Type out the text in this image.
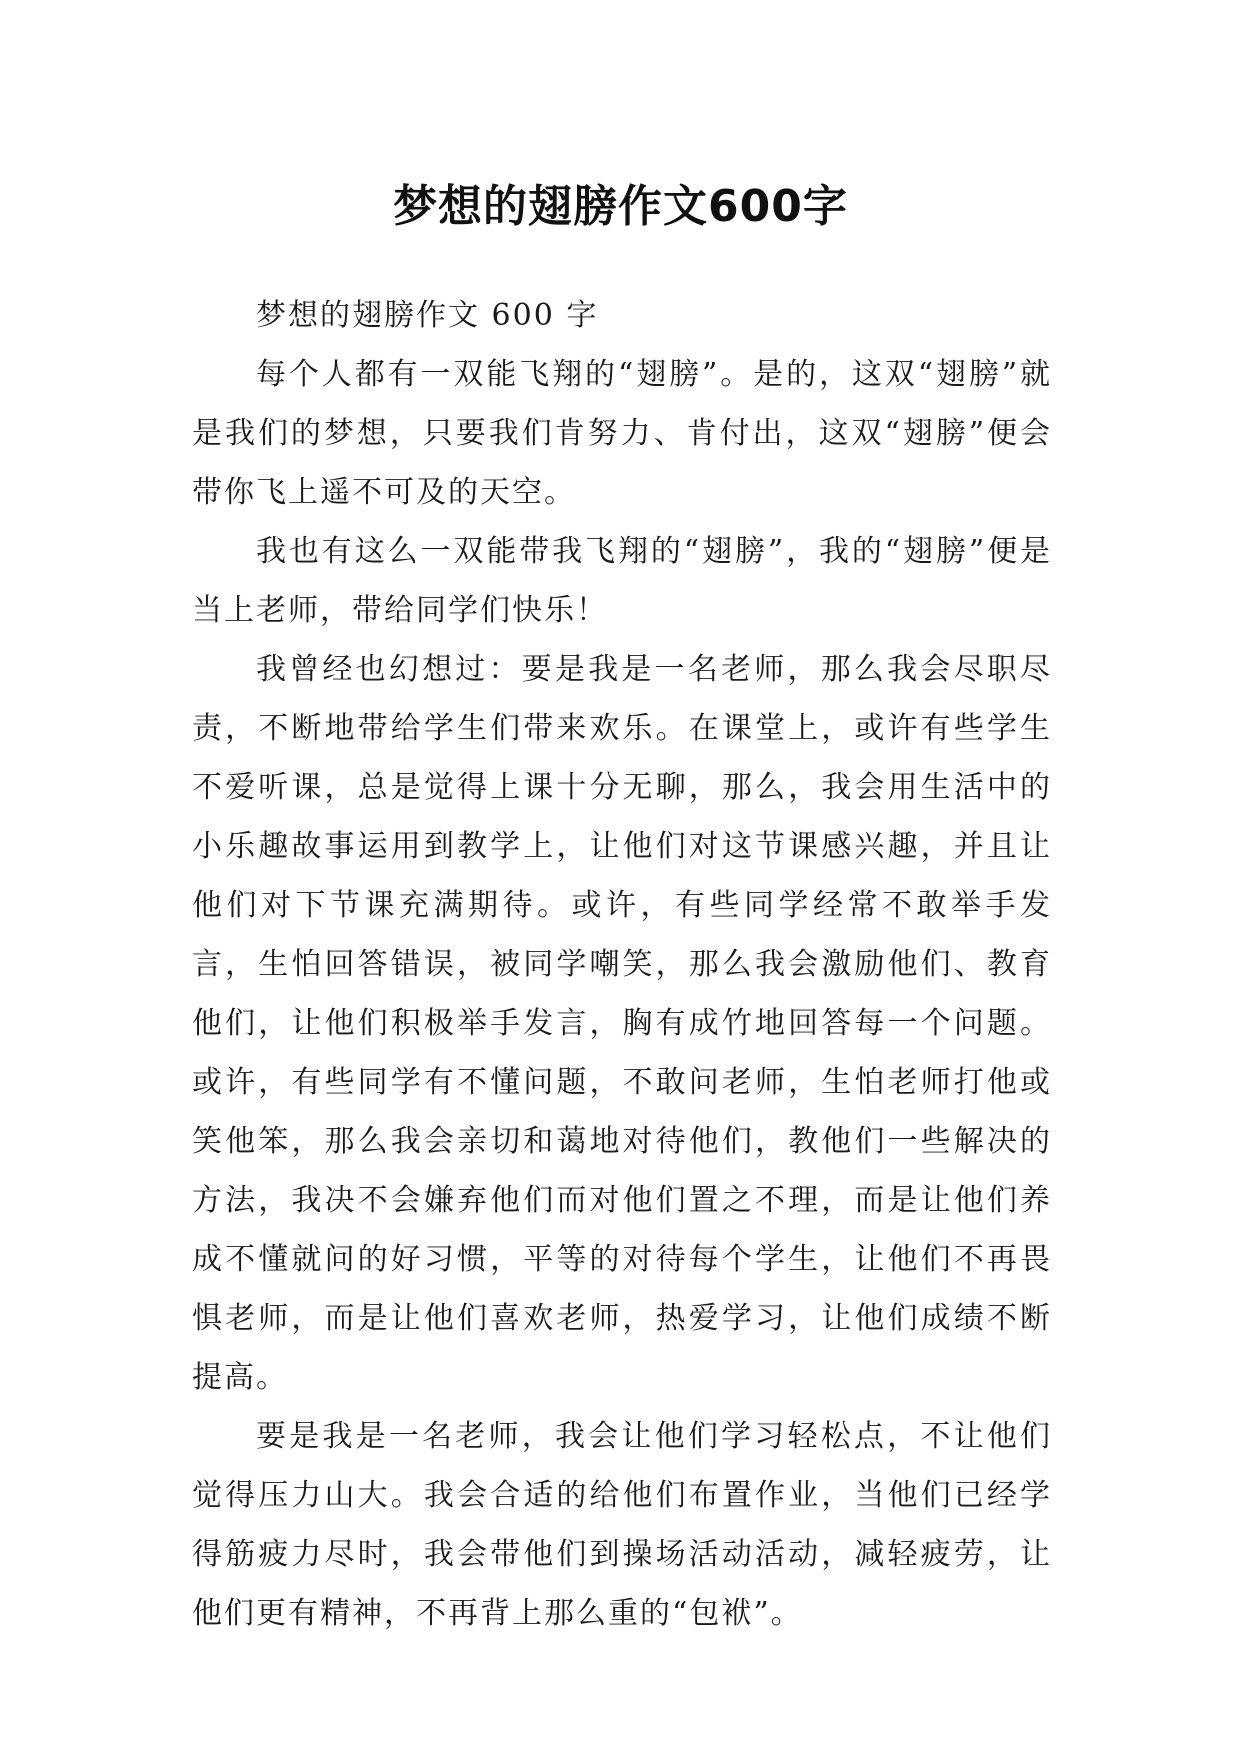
梦想的翅膀作文600字

梦想的翅膀作文 600 字

每个人都有一双能飞翔的“翅膀”。是的，这双“翅膀”就是我们的梦想，只要我们肯努力、肯付出，这双“翅膀”便会带你飞上遥不可及的天空。

我也有这么一双能带我飞翔的“翅膀”，我的“翅膀”便是当上老师，带给同学们快乐！

我曾经也幻想过：要是我是一名老师，那么我会尽职尽责，不断地带给学生们带来欢乐。在课堂上，或许有些学生不爱听课，总是觉得上课十分无聊，那么，我会用生活中的小乐趣故事运用到教学上，让他们对这节课感兴趣，并且让他们对下节课充满期待。或许，有些同学经常不敢举手发言，生怕回答错误，被同学嘲笑，那么我会激励他们、教育他们，让他们积极举手发言，胸有成竹地回答每一个问题。或许，有些同学有不懂问题，不敢问老师，生怕老师打他或笑他笨，那么我会亲切和蔼地对待他们，教他们一些解决的方法，我决不会嫌弃他们而对他们置之不理，而是让他们养成不懂就问的好习惯，平等的对待每个学生，让他们不再畏惧老师，而是让他们喜欢老师，热爱学习，让他们成绩不断提高。

要是我是一名老师，我会让他们学习轻松点，不让他们觉得压力山大。我会合适的给他们布置作业，当他们已经学得筋疲力尽时，我会带他们到操场活动活动，减轻疲劳，让他们更有精神，不再背上那么重的“包袱”。
